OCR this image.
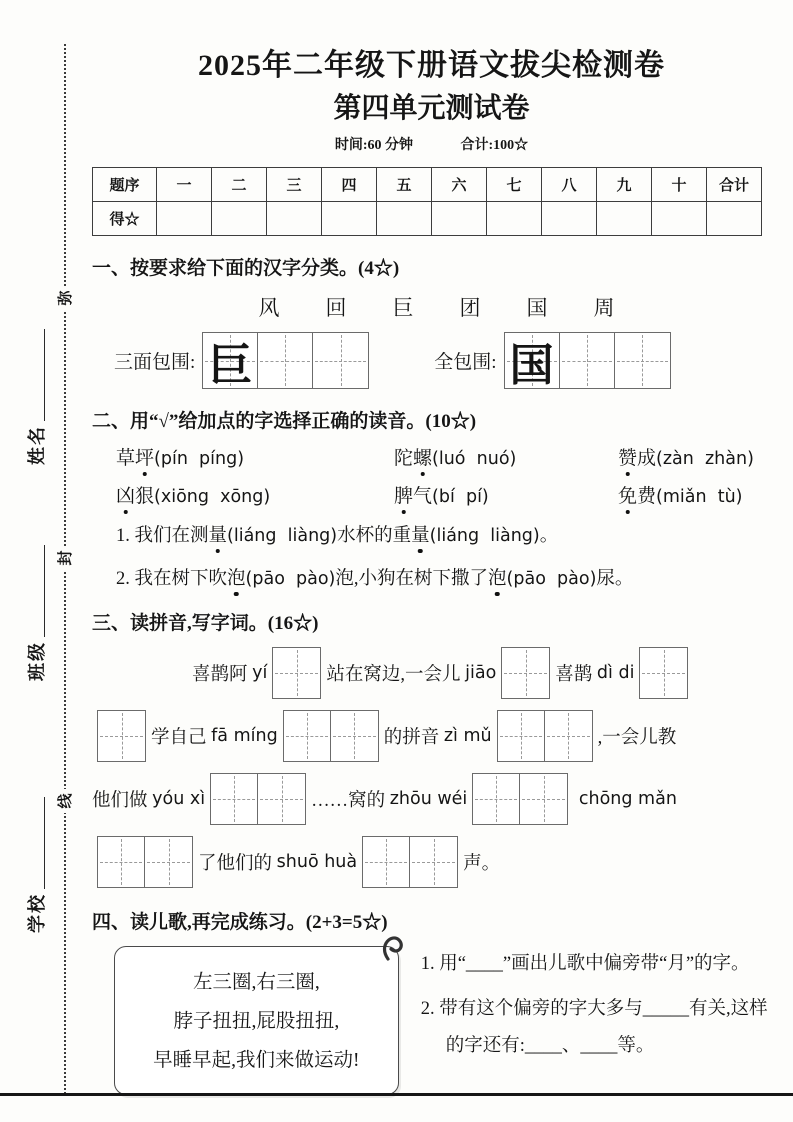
弥
封
线
姓名
班级
学校
2025年二年级下册语文拔尖检测卷
第四单元测试卷
时间:60 分钟	合计:100☆
题序	一	二	三	四	五	六	七	八	九	十	合计
得☆											
一、按要求给下面的汉字分类。(4☆)
风 回 巨 团 国 周
三面包围: 巨	全包围: 国
二、用“√”给加点的字选择正确的读音。(10☆)
草坪(pín  píng)	陀螺(luó  nuó)	赞成(zàn  zhàn)
凶狠(xiōng  xōng)	脾气(bí  pí)	免费(miǎn  tù)
1. 我们在测量(liáng  liàng)水杯的重量(liáng  liàng)。
2. 我在树下吹泡(pāo  pào)泡,小狗在树下撒了泡(pāo  pào)尿。
三、读拼音,写字词。(16☆)
喜鹊阿 yí	站在窝边,一会儿 jiāo	喜鹊 dì di
学自己 fā míng	的拼音 zì mǔ	,一会儿教
他们做 yóu xì	……窝的 zhōu wéi	chōng mǎn
了他们的 shuō huà	声。
四、读儿歌,再完成练习。(2+3=5☆)
左三圈,右三圈,
脖子扭扭,屁股扭扭,
早睡早起,我们来做运动!
1. 用“____”画出儿歌中偏旁带“月”的字。
2. 带有这个偏旁的字大多与_____有关,这样的字还有:____、____等。
